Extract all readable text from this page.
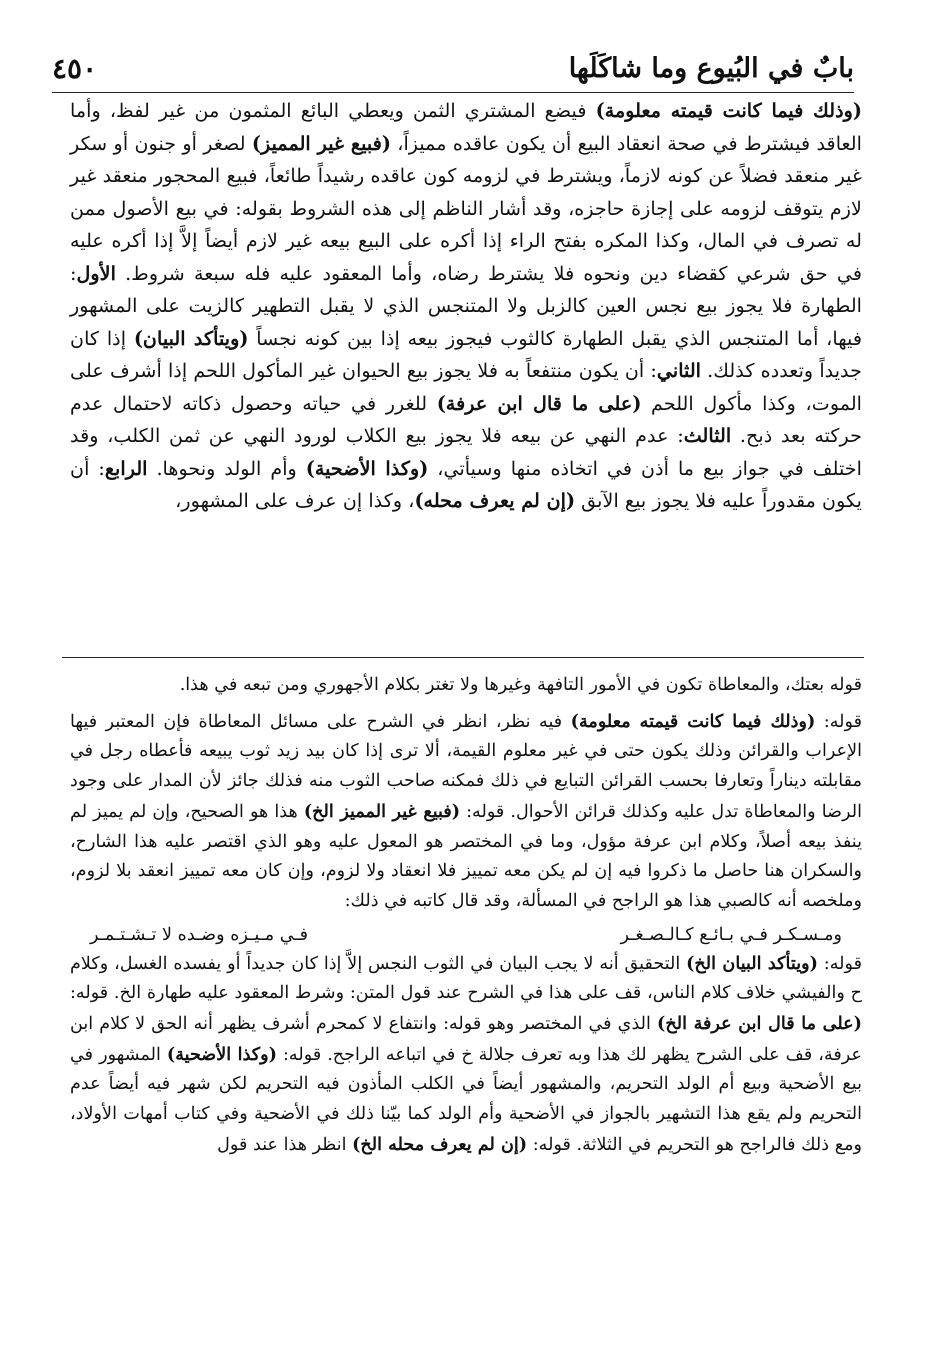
بابٌ في البُيوع وما شاكَلَها
٤٥٠

(وذلك فيما كانت قيمته معلومة) فيضع المشتري الثمن ويعطي البائع المثمون من غير لفظ، وأما العاقد فيشترط في صحة انعقاد البيع أن يكون عاقده مميزاً، (فبيع غير المميز) لصغر أو جنون أو سكر غير منعقد فضلاً عن كونه لازماً، ويشترط في لزومه كون عاقده رشيداً طائعاً، فبيع المحجور منعقد غير لازم يتوقف لزومه على إجازة حاجزه، وقد أشار الناظم إلى هذه الشروط بقوله: في بيع الأصول ممن له تصرف في المال، وكذا المكره بفتح الراء إذا أكره على البيع بيعه غير لازم أيضاً إلاَّ إذا أكره عليه في حق شرعي كقضاء دين ونحوه فلا يشترط رضاه، وأما المعقود عليه فله سبعة شروط. الأول: الطهارة فلا يجوز بيع نجس العين كالزبل ولا المتنجس الذي لا يقبل التطهير كالزيت على المشهور فيها، أما المتنجس الذي يقبل الطهارة كالثوب فيجوز بيعه إذا بين كونه نجساً (ويتأكد البيان) إذا كان جديداً وتعدده كذلك. الثاني: أن يكون منتفعاً به فلا يجوز بيع الحيوان غير المأكول اللحم إذا أشرف على الموت، وكذا مأكول اللحم (على ما قال ابن عرفة) للغرر في حياته وحصول ذكاته لاحتمال عدم حركته بعد ذبح. الثالث: عدم النهي عن بيعه فلا يجوز بيع الكلاب لورود النهي عن ثمن الكلب، وقد اختلف في جواز بيع ما أذن في اتخاذه منها وسيأتي، (وكذا الأضحية) وأم الولد ونحوها. الرابع: أن يكون مقدوراً عليه فلا يجوز بيع الآبق (إن لم يعرف محله)، وكذا إن عرف على المشهور،

قوله بعتك، والمعاطاة تكون في الأمور التافهة وغيرها ولا تغتر بكلام الأجهوري ومن تبعه في هذا.

قوله: (وذلك فيما كانت قيمته معلومة) فيه نظر، انظر في الشرح على مسائل المعاطاة فإن المعتبر فيها الإعراب والقرائن وذلك يكون حتى في غير معلوم القيمة، ألا ترى إذا كان بيد زيد ثوب يبيعه فأعطاه رجل في مقابلته ديناراً وتعارفا بحسب القرائن التبايع في ذلك فمكنه صاحب الثوب منه فذلك جائز لأن المدار على وجود الرضا والمعاطاة تدل عليه وكذلك قرائن الأحوال. قوله: (فبيع غير المميز الخ) هذا هو الصحيح، وإن لم يميز لم ينفذ بيعه أصلاً، وكلام ابن عرفة مؤول، وما في المختصر هو المعول عليه وهو الذي اقتصر عليه هذا الشارح، والسكران هنا حاصل ما ذكروا فيه إن لم يكن معه تمييز فلا انعقاد ولا لزوم، وإن كان معه تمييز انعقد بلا لزوم، وملخصه أنه كالصبي هذا هو الراجح في المسألة، وقد قال كاتبه في ذلك:

ومـسـكـر فـي بـائـع كـالـصـغـر
فـي مـيـزه وضـده لا تـشـتـمـر

قوله: (ويتأكد البيان الخ) التحقيق أنه لا يجب البيان في الثوب النجس إلاَّ إذا كان جديداً أو يفسده الغسل، وكلام ح والفيشي خلاف كلام الناس، قف على هذا في الشرح عند قول المتن: وشرط المعقود عليه طهارة الخ. قوله: (على ما قال ابن عرفة الخ) الذي في المختصر وهو قوله: وانتفاع لا كمحرم أشرف يظهر أنه الحق لا كلام ابن عرفة، قف على الشرح يظهر لك هذا وبه تعرف جلالة خ في اتباعه الراجح. قوله: (وكذا الأضحية) المشهور في بيع الأضحية وبيع أم الولد التحريم، والمشهور أيضاً في الكلب المأذون فيه التحريم لكن شهر فيه أيضاً عدم التحريم ولم يقع هذا التشهير بالجواز في الأضحية وأم الولد كما بيّنا ذلك في الأضحية وفي كتاب أمهات الأولاد، ومع ذلك فالراجح هو التحريم في الثلاثة. قوله: (إن لم يعرف محله الخ) انظر هذا عند قول
